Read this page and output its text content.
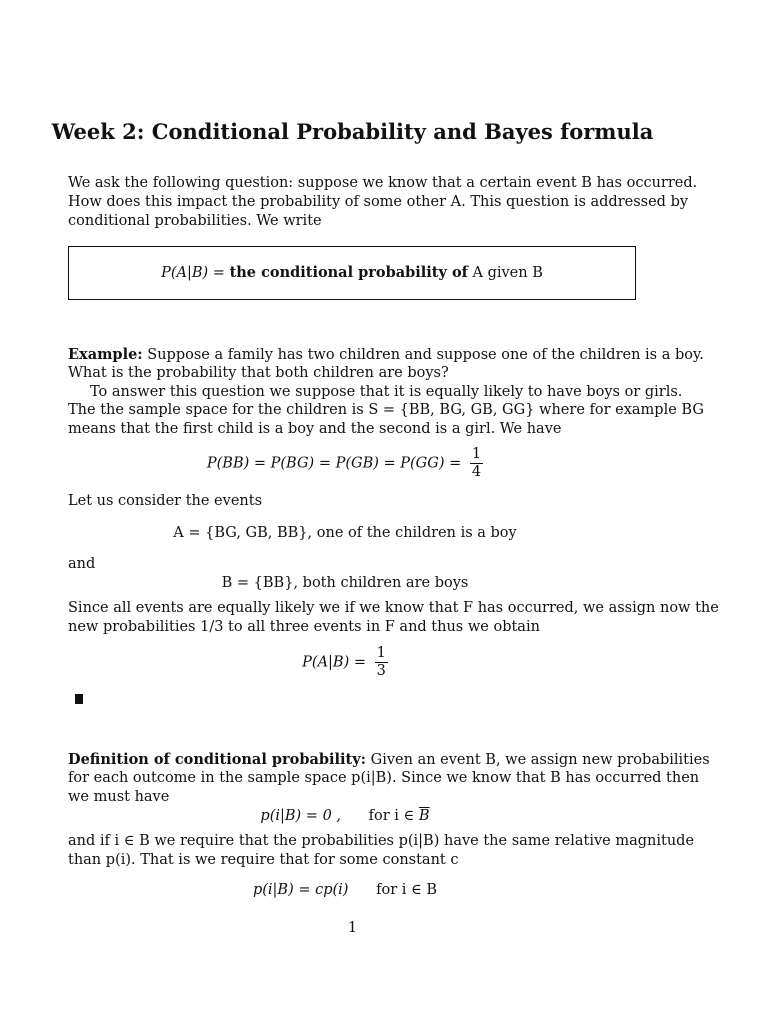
Week 2: Conditional Probability and Bayes formula
We ask the following question: suppose we know that a certain event B has occurred.
How does this impact the probability of some other A. This question is addressed by
conditional probabilities. We write
P(A|B) = the conditional probability of A given B
Example: Suppose a family has two children and suppose one of the children is a boy.
What is the probability that both children are boys?
To answer this question we suppose that it is equally likely to have boys or girls.
The the sample space for the children is S = {BB, BG, GB, GG} where for example BG
means that the first child is a boy and the second is a girl. We have
$P(BB) = P(BG) = P(GB) = P(GG) = \frac{1}{4}$
Let us consider the events
A = {BG, GB, BB}, one of the children is a boy
and
B = {BB}, both children are boys
Since all events are equally likely we if we know that F has occurred, we assign now the
new probabilities 1/3 to all three events in F and thus we obtain
$P(A|B) = \frac{1}{3}$
Definition of conditional probability: Given an event B, we assign new probabilities
for each outcome in the sample space p(i|B). Since we know that B has occurred then
we must have
p(i|B) = 0 , for i ∈ $\overline{B}$
and if i ∈ B we require that the probabilities p(i|B) have the same relative magnitude
than p(i). That is we require that for some constant c
p(i|B) = cp(i) for i ∈ B
1
